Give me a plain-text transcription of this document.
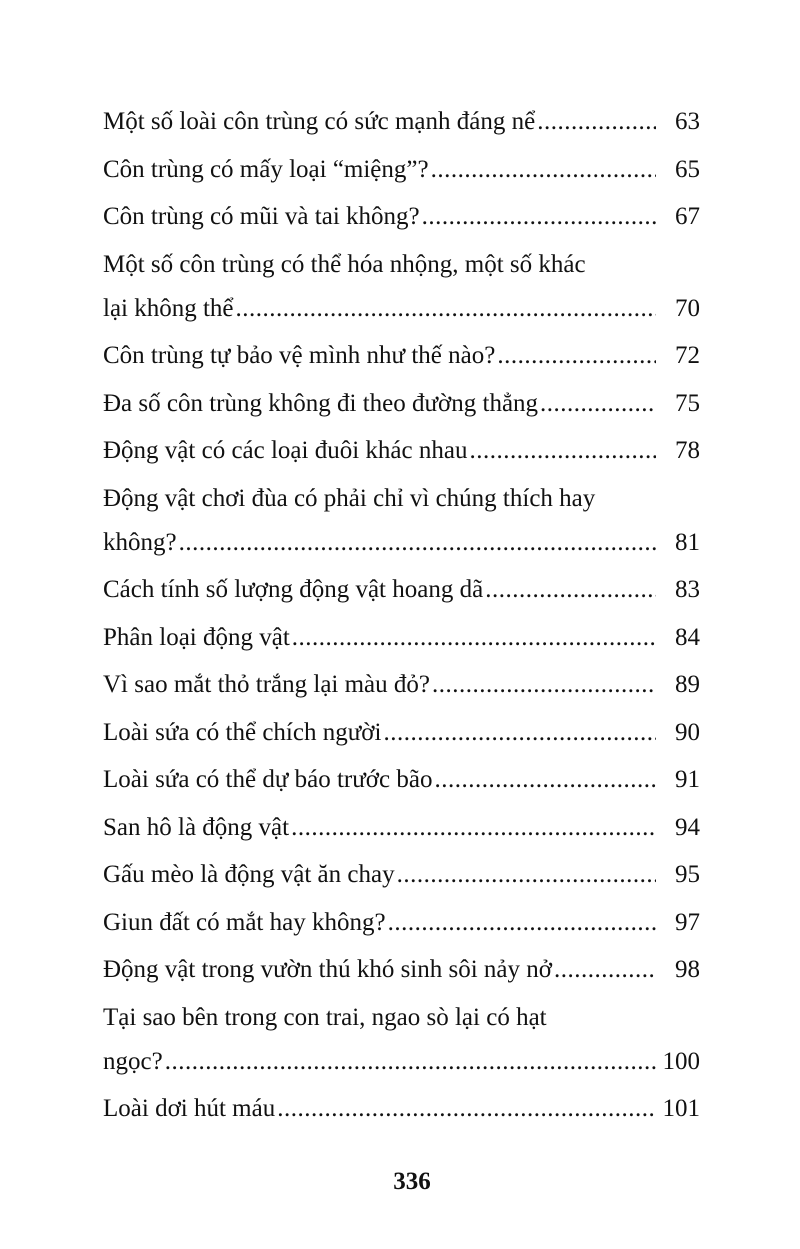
Một số loài côn trùng có sức mạnh đáng nể .....	63
Côn trùng có mấy loại “miệng”? .....	65
Côn trùng có mũi và tai không? .....	67
Một số côn trùng có thể hóa nhộng, một số khác
lại không thể .....	70
Côn trùng tự bảo vệ mình như thế nào? .....	72
Đa số côn trùng không đi theo đường thẳng .....	75
Động vật có các loại đuôi khác nhau .....	78
Động vật chơi đùa có phải chỉ vì chúng thích hay
không? .....	81
Cách tính số lượng động vật hoang dã .....	83
Phân loại động vật .....	84
Vì sao mắt thỏ trắng lại màu đỏ? .....	89
Loài sứa có thể chích người .....	90
Loài sứa có thể dự báo trước bão .....	91
San hô là động vật .....	94
Gấu mèo là động vật ăn chay .....	95
Giun đất có mắt hay không? .....	97
Động vật trong vườn thú khó sinh sôi nảy nở .....	98
Tại sao bên trong con trai, ngao sò lại có hạt
ngọc? .....	100
Loài dơi hút máu .....	101
336
